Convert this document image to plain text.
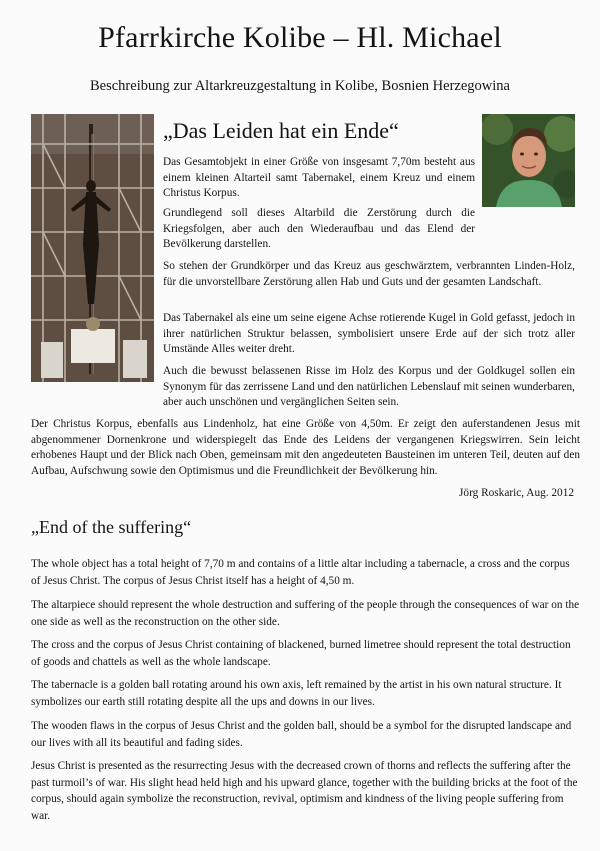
Pfarrkirche Kolibe – Hl. Michael
Beschreibung zur Altarkreuzgestaltung in Kolibe, Bosnien Herzegowina
„Das Leiden hat ein Ende“

Das Gesamtobjekt in einer Größe von insgesamt 7,70m besteht aus einem kleinen Altarteil samt Tabernakel, einem Kreuz und einem Christus Korpus.

Grundlegend soll dieses Altarbild die Zerstörung durch die Kriegsfolgen, aber auch den Wiederaufbau und das Elend der Bevölkerung darstellen.

So stehen der Grundkörper und das Kreuz aus geschwärztem, verbrannten Linden-Holz, für die unvorstellbare Zerstörung allen Hab und Guts und der gesamten Landschaft.

Das Tabernakel als eine um seine eigene Achse rotierende Kugel in Gold gefasst, jedoch in ihrer natürlichen Struktur belassen, symbolisiert unsere Erde auf der sich trotz aller Umstände Alles weiter dreht.

Auch die bewusst belassenen Risse im Holz des Korpus und der Goldkugel sollen ein Synonym für das zerrissene Land und den natürlichen Lebenslauf mit seinen wunderbaren, aber auch unschönen und vergänglichen Seiten sein.

Der Christus Korpus, ebenfalls aus Lindenholz, hat eine Größe von 4,50m. Er zeigt den auferstandenen Jesus mit abgenommener Dornenkrone und widerspiegelt das Ende des Leidens der vergangenen Kriegswirren. Sein leicht erhobenes Haupt und der Blick nach Oben, gemeinsam mit den angedeuteten Bausteinen im unteren Teil, deuten auf den Aufbau, Aufschwung sowie den Optimismus und die Freundlichkeit der Bevölkerung hin.

Jörg Roskaric, Aug. 2012
„End of the suffering“

The whole object has a total height of 7,70 m and contains of a little altar including a tabernacle, a cross and the corpus of Jesus Christ. The corpus of Jesus Christ itself has a height of 4,50 m.

The altarpiece should represent the whole destruction and suffering of the people through the consequences of war on the one side as well as the reconstruction on the other side.

The cross and the corpus of Jesus Christ containing of blackened, burned limetree should represent the total destruction of goods and chattels as well as the whole landscape.

The tabernacle is a golden ball rotating around his own axis, left remained by the artist in his own natural structure. It symbolizes our earth still rotating despite all the ups and downs in our lives.

The wooden flaws in the corpus of Jesus Christ and the golden ball, should be a symbol for the disrupted landscape and our lives with all its beautiful and fading sides.

Jesus Christ is presented as the resurrecting Jesus with the decreased crown of thorns and reflects the suffering after the past turmoil’s of war. His slight head held high and his upward glance, together with the building bricks at the foot of the corpus, should again symbolize the reconstruction, revival, optimism and kindness of the living people suffering from war.
